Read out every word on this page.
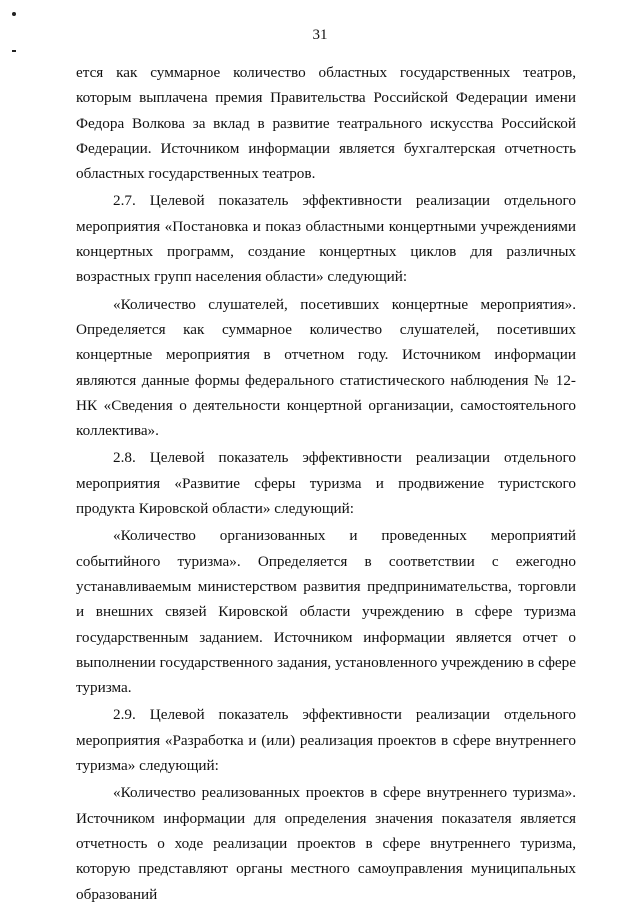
31

ется как суммарное количество областных государственных театров, которым выплачена премия Правительства Российской Федерации имени Федора Волкова за вклад в развитие театрального искусства Российской Федерации. Источником информации является бухгалтерская отчетность областных государственных театров.

2.7. Целевой показатель эффективности реализации отдельного мероприятия «Постановка и показ областными концертными учреждениями концертных программ, создание концертных циклов для различных возрастных групп населения области» следующий:

«Количество слушателей, посетивших концертные мероприятия». Определяется как суммарное количество слушателей, посетивших концертные мероприятия в отчетном году. Источником информации являются данные формы федерального статистического наблюдения № 12-НК «Сведения о деятельности концертной организации, самостоятельного коллектива».

2.8. Целевой показатель эффективности реализации отдельного мероприятия «Развитие сферы туризма и продвижение туристского продукта Кировской области» следующий:

«Количество организованных и проведенных мероприятий событийного туризма». Определяется в соответствии с ежегодно устанавливаемым министерством развития предпринимательства, торговли и внешних связей Кировской области учреждению в сфере туризма государственным заданием. Источником информации является отчет о выполнении государственного задания, установленного учреждению в сфере туризма.

2.9. Целевой показатель эффективности реализации отдельного мероприятия «Разработка и (или) реализация проектов в сфере внутреннего туризма» следующий:

«Количество реализованных проектов в сфере внутреннего туризма». Источником информации для определения значения показателя является отчетность о ходе реализации проектов в сфере внутреннего туризма, которую представляют органы местного самоуправления муниципальных образований
